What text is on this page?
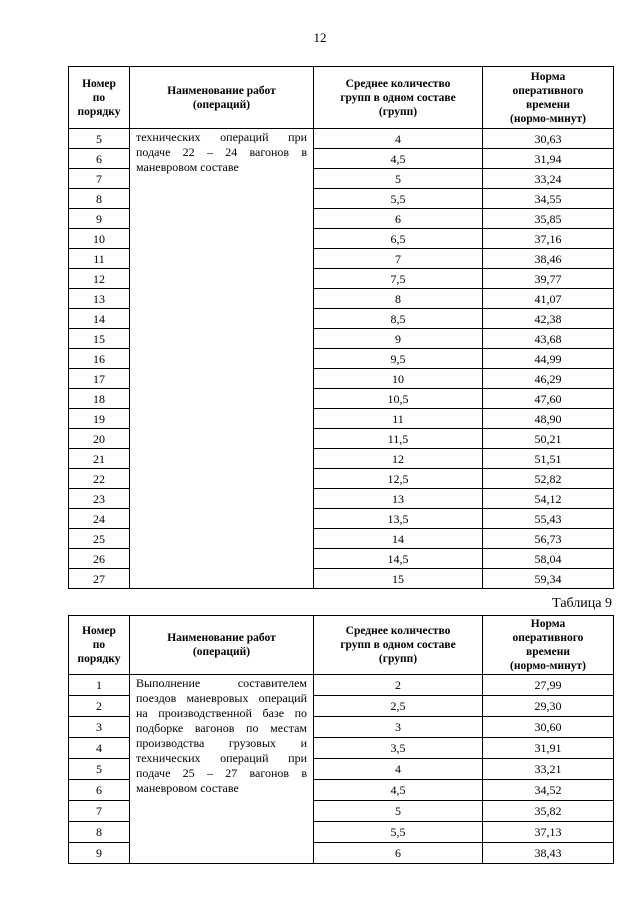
12
Номер
по
порядку	Наименование работ
(операций)	Среднее количество
групп в одном составе
(групп)	Норма
оперативного
времени
(нормо-минут)
5	технических операций при подаче 22 – 24 вагонов в маневровом составе	4	30,63
6		4,5	31,94
7		5	33,24
8		5,5	34,55
9		6	35,85
10		6,5	37,16
11		7	38,46
12		7,5	39,77
13		8	41,07
14		8,5	42,38
15		9	43,68
16		9,5	44,99
17		10	46,29
18		10,5	47,60
19		11	48,90
20		11,5	50,21
21		12	51,51
22		12,5	52,82
23		13	54,12
24		13,5	55,43
25		14	56,73
26		14,5	58,04
27		15	59,34
Таблица 9
Номер
по
порядку	Наименование работ
(операций)	Среднее количество
групп в одном составе
(групп)	Норма
оперативного
времени
(нормо-минут)
1	Выполнение составителем поездов маневровых операций на производственной базе по подборке вагонов по местам производства грузовых и технических операций при подаче 25 – 27 вагонов в маневровом составе	2	27,99
2		2,5	29,30
3		3	30,60
4		3,5	31,91
5		4	33,21
6		4,5	34,52
7		5	35,82
8		5,5	37,13
9		6	38,43
